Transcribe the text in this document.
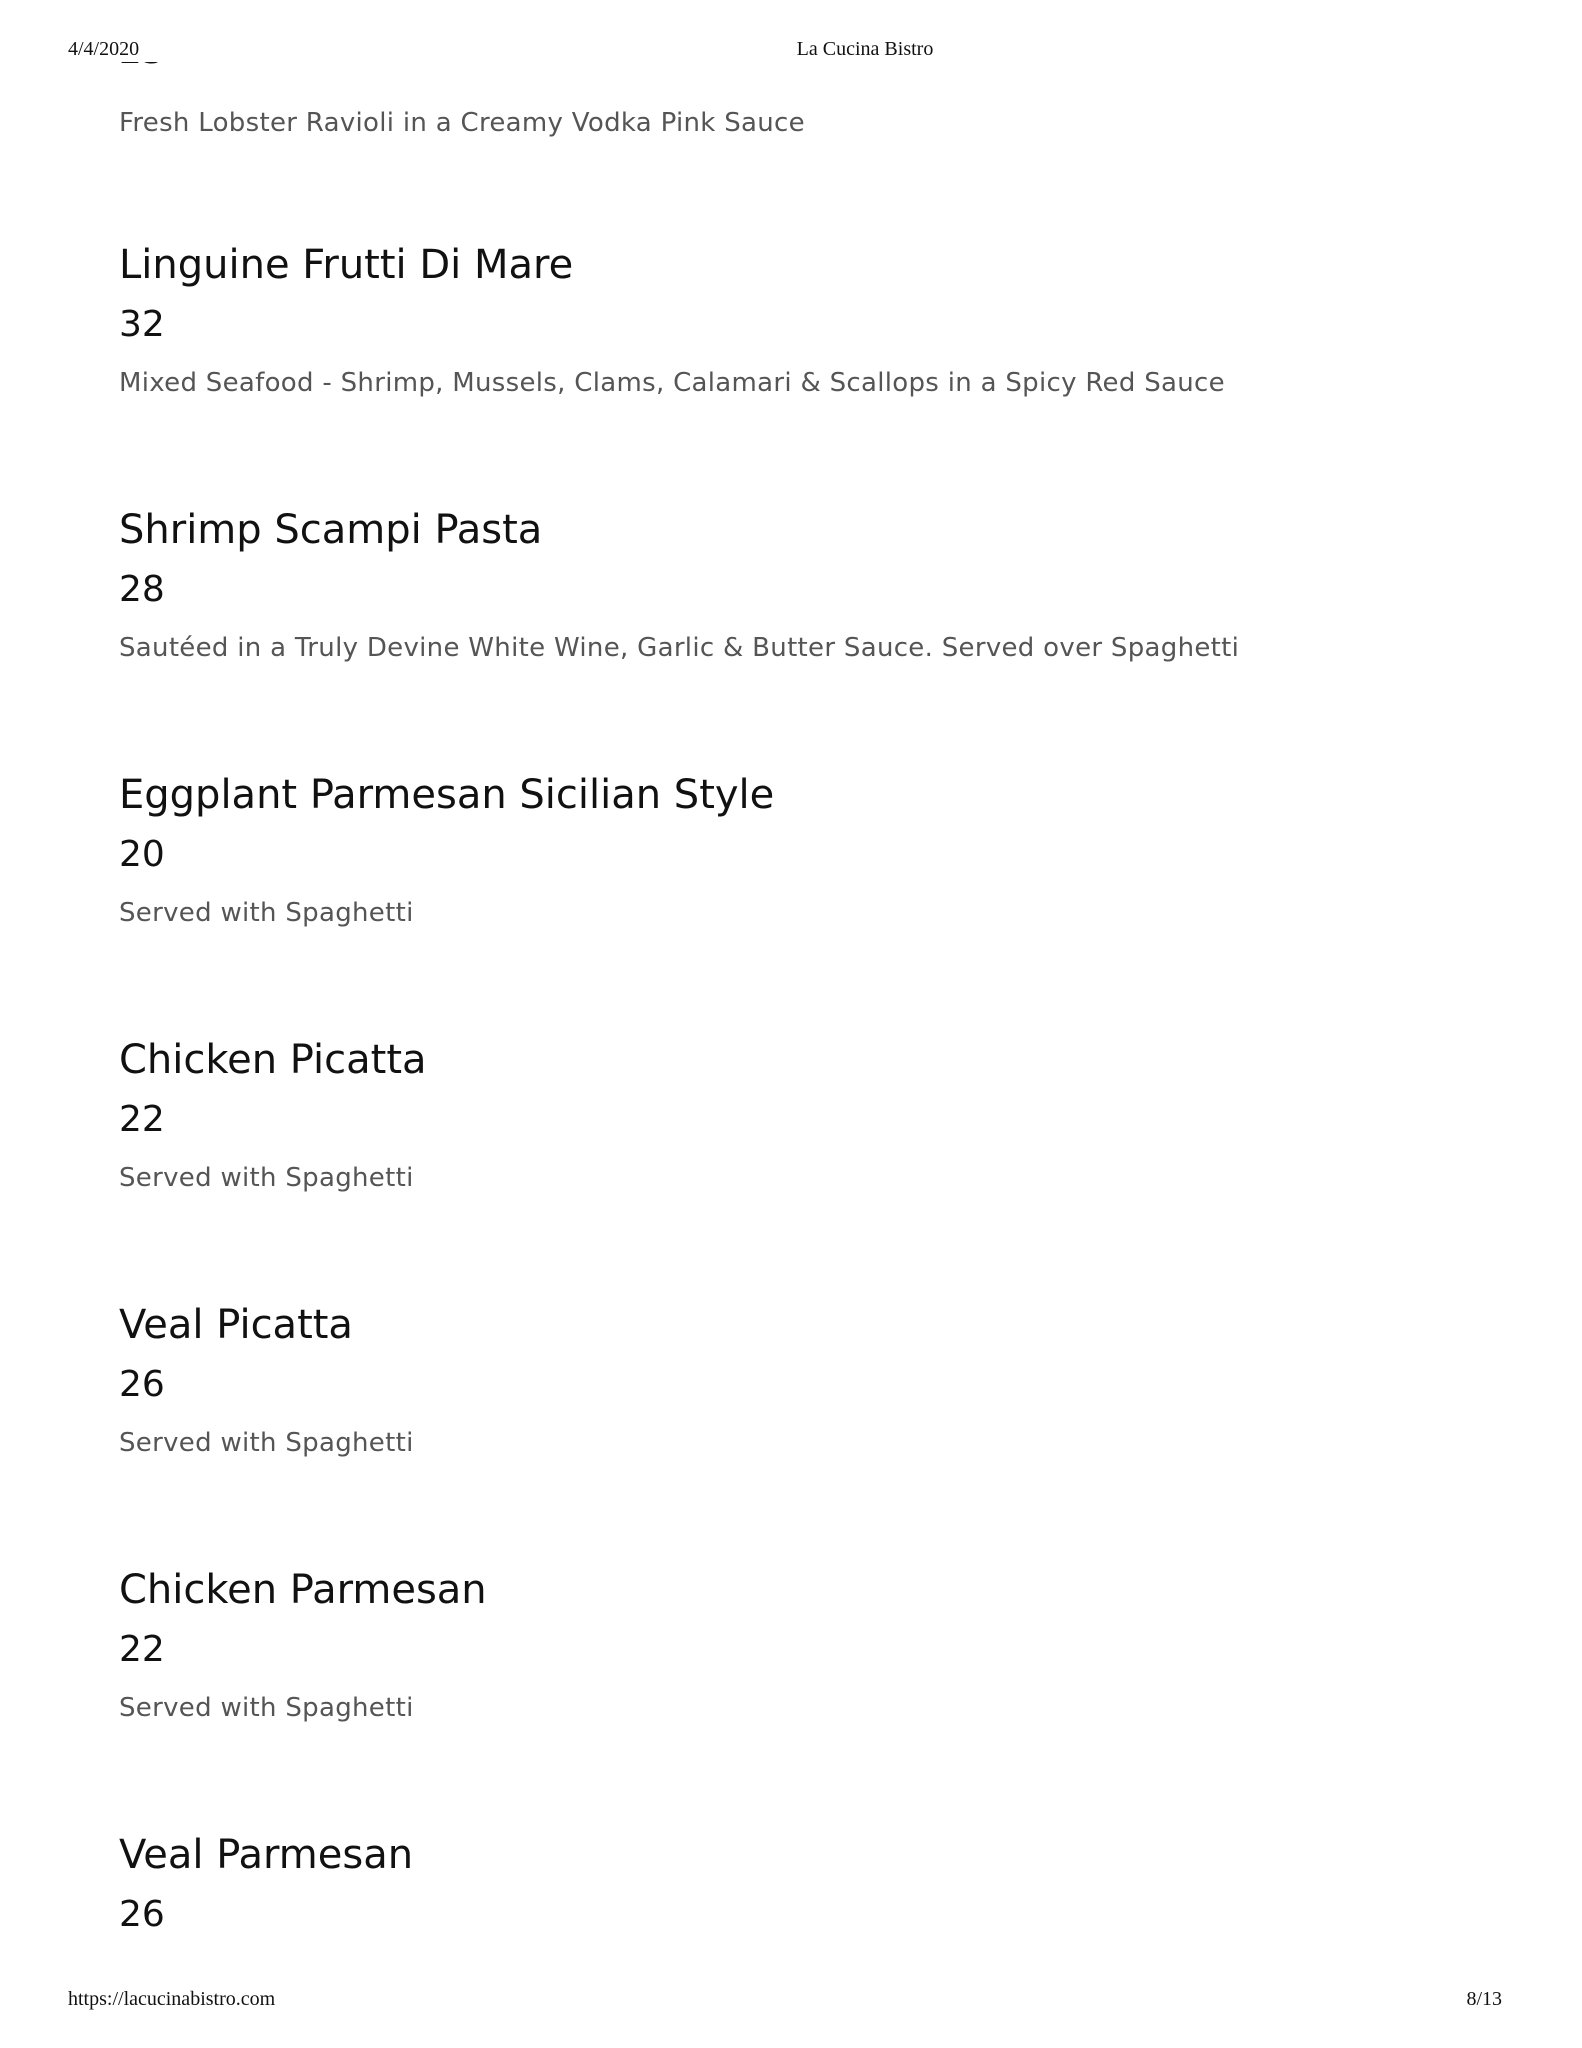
Fresh Lobster Ravioli in a Creamy Vodka Pink Sauce
Linguine Frutti Di Mare
32
Mixed Seafood - Shrimp, Mussels, Clams, Calamari & Scallops in a Spicy Red Sauce
Shrimp Scampi Pasta
28
Sautéed in a Truly Devine White Wine, Garlic & Butter Sauce. Served over Spaghetti
Eggplant Parmesan Sicilian Style
20
Served with Spaghetti
Chicken Picatta
22
Served with Spaghetti
Veal Picatta
26
Served with Spaghetti
Chicken Parmesan
22
Served with Spaghetti
Veal Parmesan
26
4/4/2020	La Cucina Bistro
https://lacucinabistro.com	8/13
